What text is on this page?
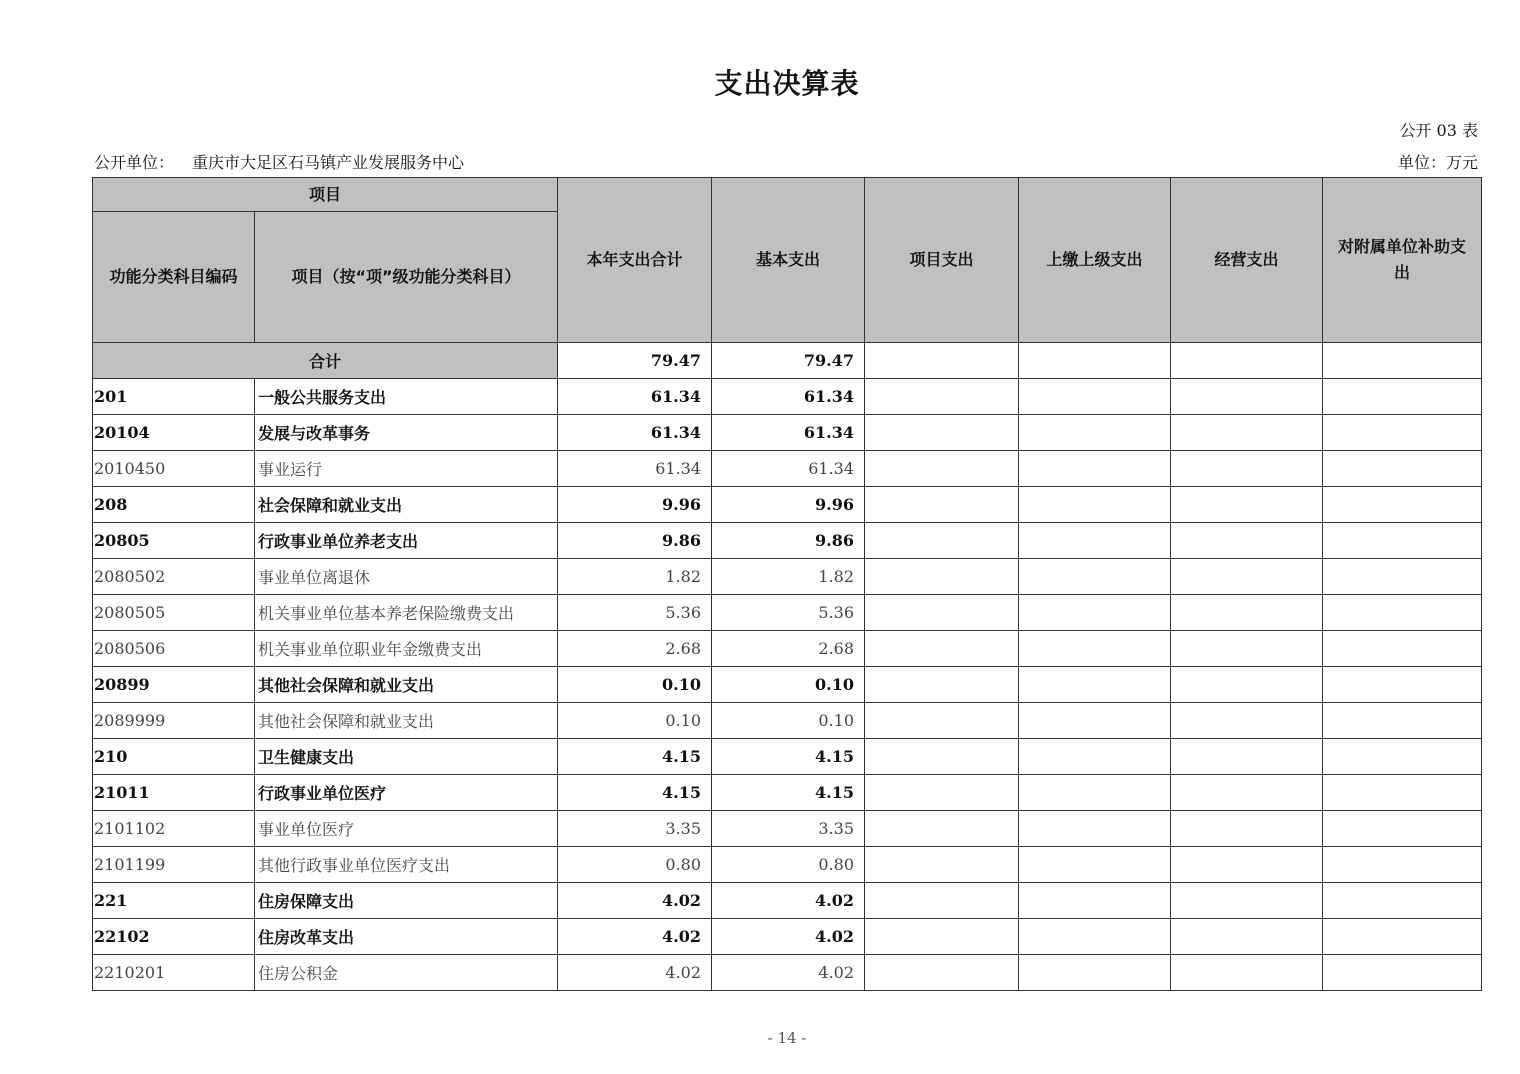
支出决算表
公开 03 表
公开单位： 重庆市大足区石马镇产业发展服务中心	单位：万元
项目		本年支出合计	基本支出	项目支出	上缴上级支出	经营支出	对附属单位补助支出
功能分类科目编码	项目（按“项”级功能分类科目）						
合计		79.47	79.47				
201	一般公共服务支出	61.34	61.34				
20104	发展与改革事务	61.34	61.34				
2010450	事业运行	61.34	61.34				
208	社会保障和就业支出	9.96	9.96				
20805	行政事业单位养老支出	9.86	9.86				
2080502	事业单位离退休	1.82	1.82				
2080505	机关事业单位基本养老保险缴费支出	5.36	5.36				
2080506	机关事业单位职业年金缴费支出	2.68	2.68				
20899	其他社会保障和就业支出	0.10	0.10				
2089999	其他社会保障和就业支出	0.10	0.10				
210	卫生健康支出	4.15	4.15				
21011	行政事业单位医疗	4.15	4.15				
2101102	事业单位医疗	3.35	3.35				
2101199	其他行政事业单位医疗支出	0.80	0.80				
221	住房保障支出	4.02	4.02				
22102	住房改革支出	4.02	4.02				
2210201	住房公积金	4.02	4.02				
- 14 -
